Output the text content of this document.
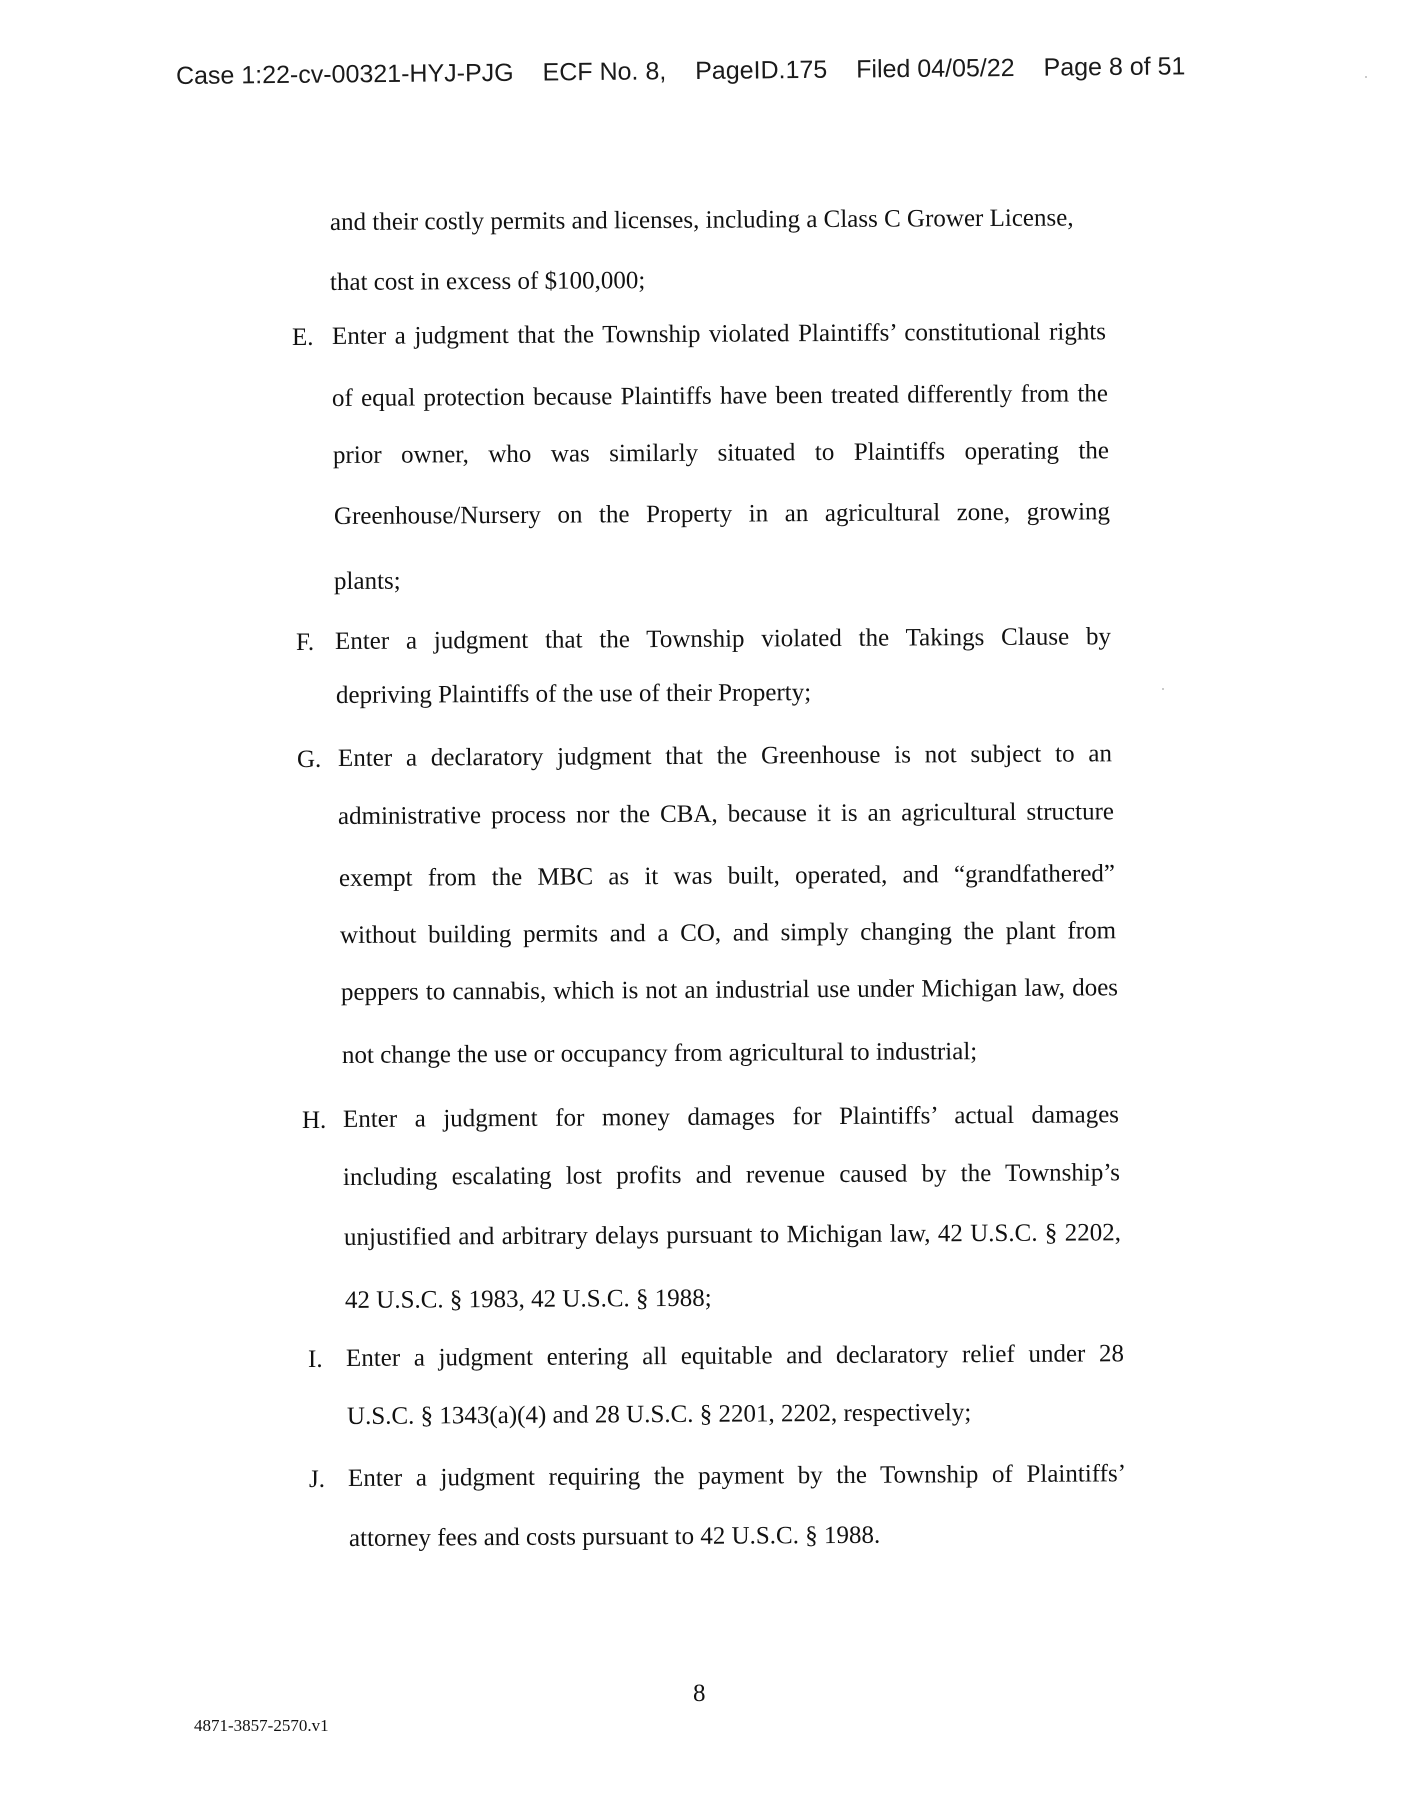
Case 1:22-cv-00321-HYJ-PJG ECF No. 8, PageID.175 Filed 04/05/22 Page 8 of 51
and their costly permits and licenses, including a Class C Grower License,
that cost in excess of $100,000;
E. Enter a judgment that the Township violated Plaintiffs’ constitutional rights
of equal protection because Plaintiffs have been treated differently from the
prior owner, who was similarly situated to Plaintiffs operating the
Greenhouse/Nursery on the Property in an agricultural zone, growing
plants;
F. Enter a judgment that the Township violated the Takings Clause by
depriving Plaintiffs of the use of their Property;
G. Enter a declaratory judgment that the Greenhouse is not subject to an
administrative process nor the CBA, because it is an agricultural structure
exempt from the MBC as it was built, operated, and “grandfathered”
without building permits and a CO, and simply changing the plant from
peppers to cannabis, which is not an industrial use under Michigan law, does
not change the use or occupancy from agricultural to industrial;
H. Enter a judgment for money damages for Plaintiffs’ actual damages
including escalating lost profits and revenue caused by the Township’s
unjustified and arbitrary delays pursuant to Michigan law, 42 U.S.C. § 2202,
42 U.S.C. § 1983, 42 U.S.C. § 1988;
I. Enter a judgment entering all equitable and declaratory relief under 28
U.S.C. § 1343(a)(4) and 28 U.S.C. § 2201, 2202, respectively;
J. Enter a judgment requiring the payment by the Township of Plaintiffs’
attorney fees and costs pursuant to 42 U.S.C. § 1988.
8
4871-3857-2570.v1
